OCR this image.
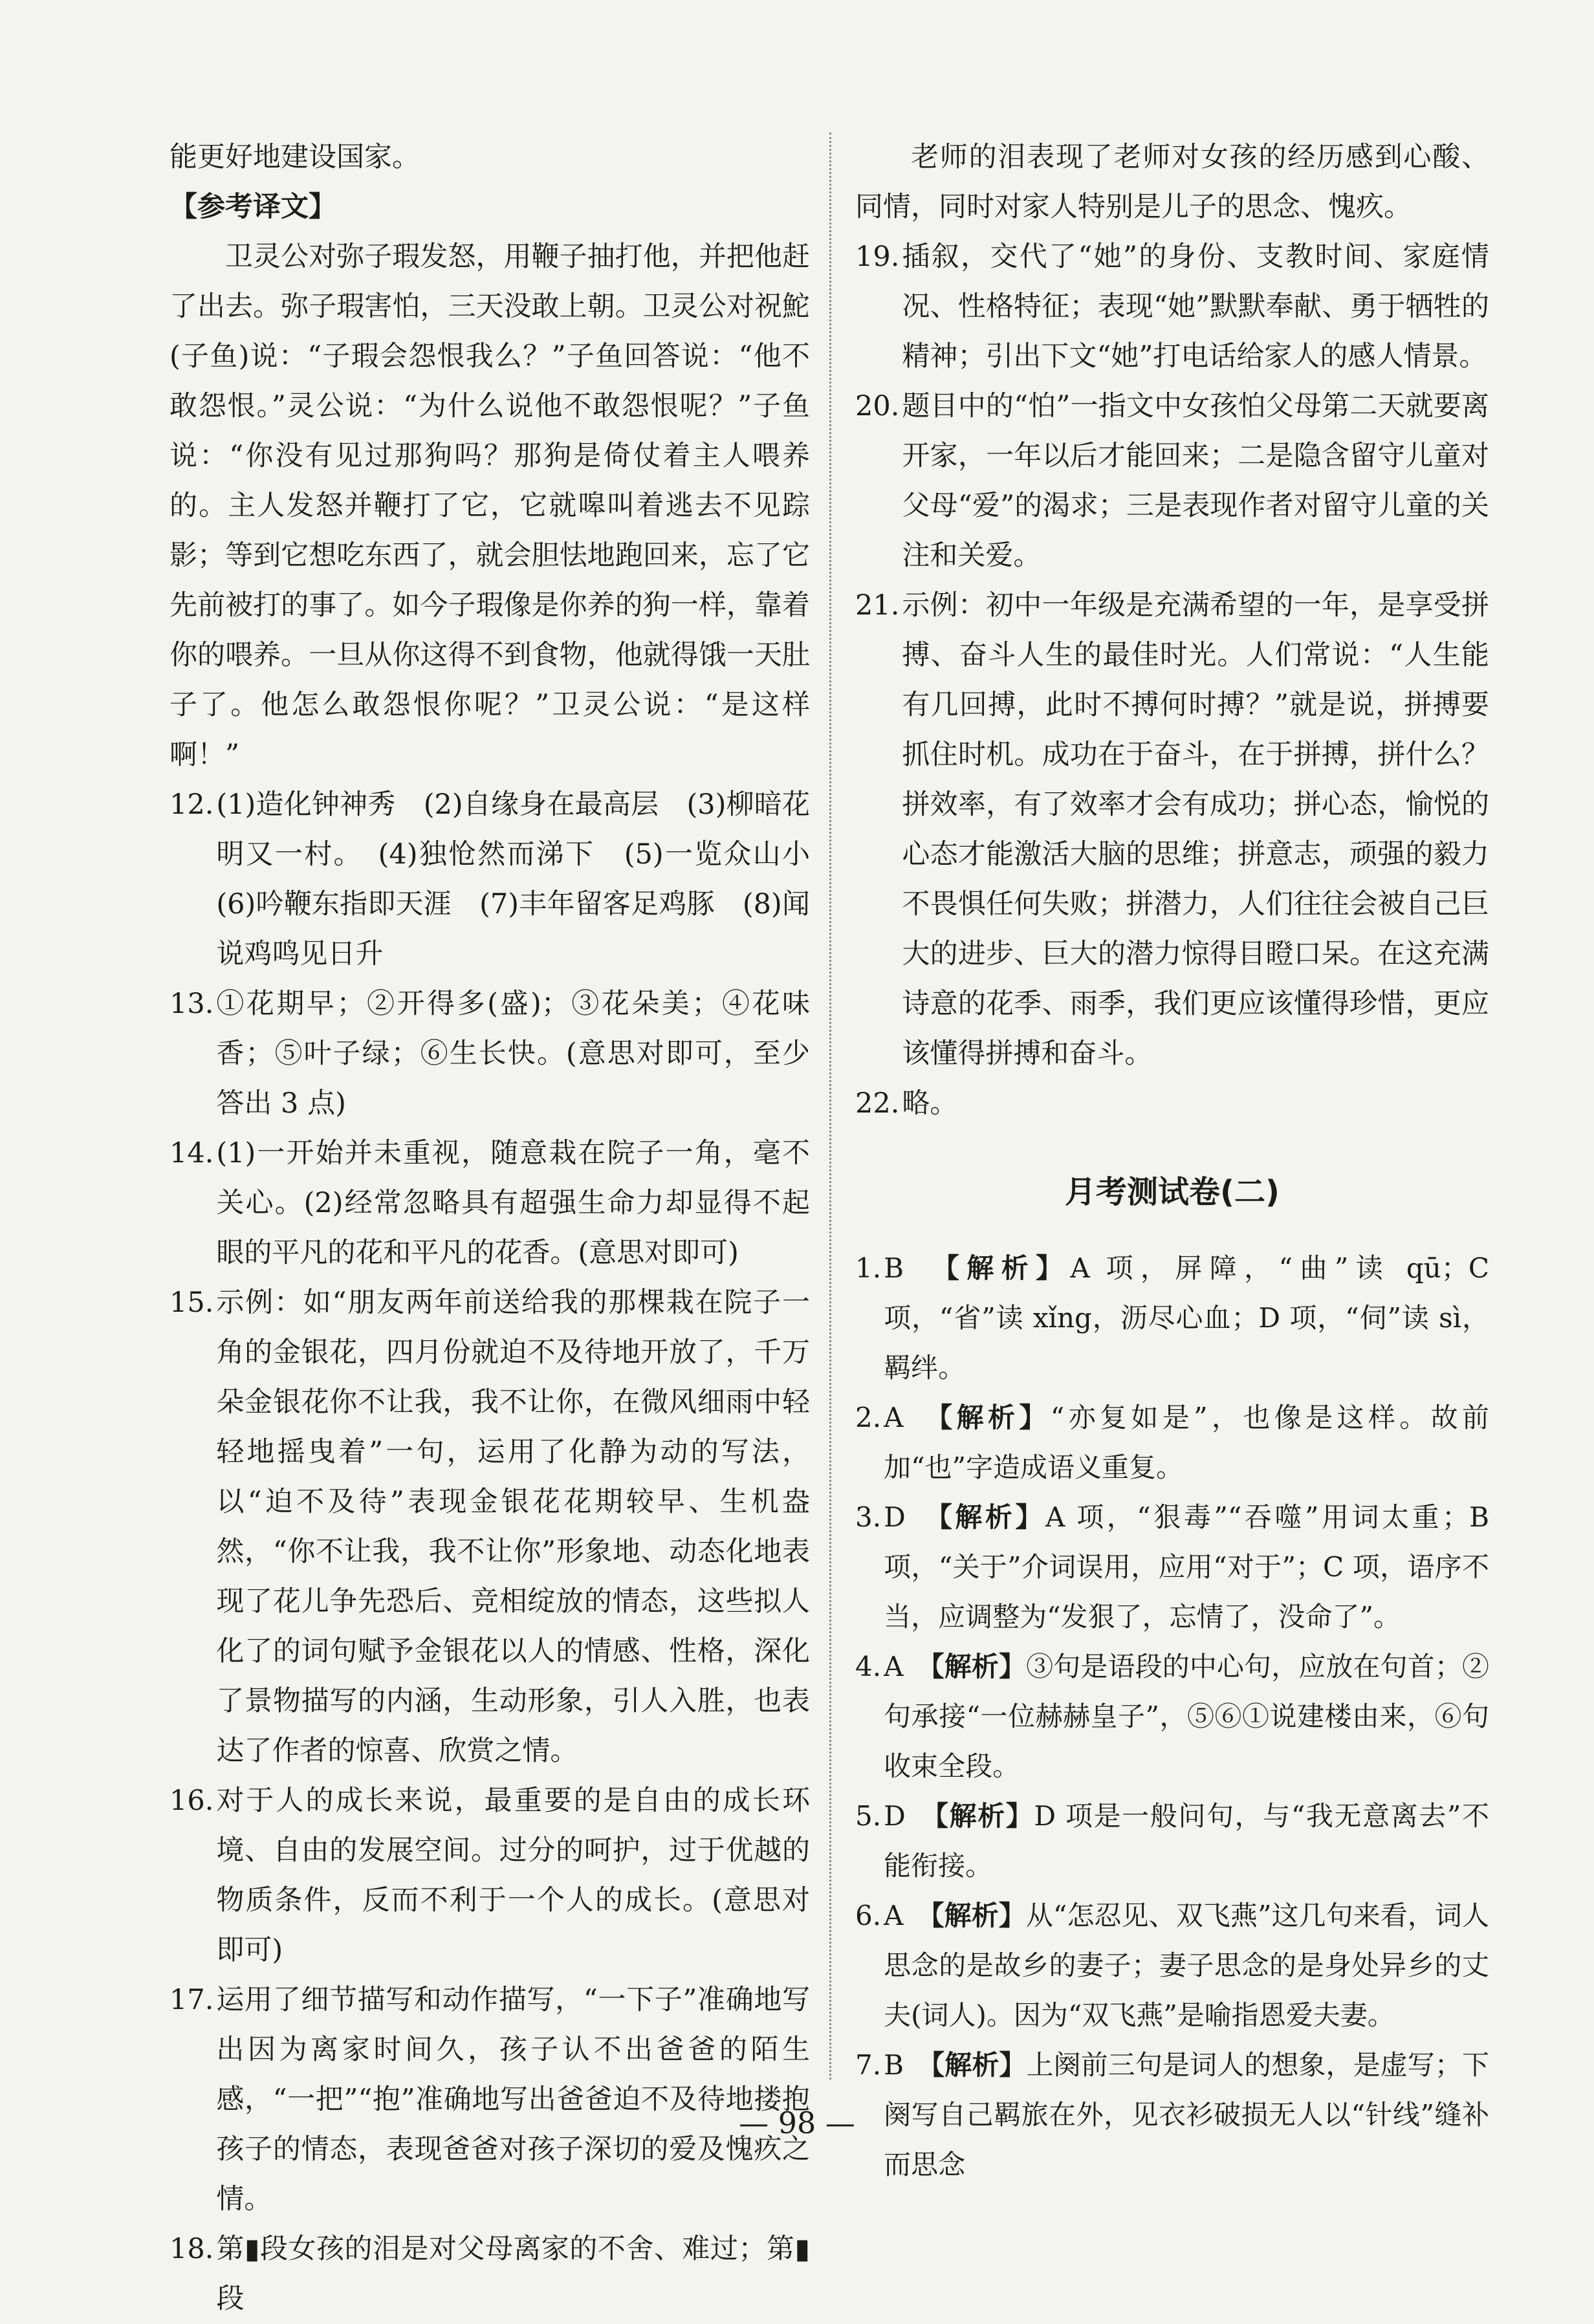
能更好地建设国家。

【参考译文】

卫灵公对弥子瑕发怒，用鞭子抽打他，并把他赶了出去。弥子瑕害怕，三天没敢上朝。卫灵公对祝鮀(子鱼)说：“子瑕会怨恨我么？”子鱼回答说：“他不敢怨恨。”灵公说：“为什么说他不敢怨恨呢？”子鱼说：“你没有见过那狗吗？那狗是倚仗着主人喂养的。主人发怒并鞭打了它，它就嗥叫着逃去不见踪影；等到它想吃东西了，就会胆怯地跑回来，忘了它先前被打的事了。如今子瑕像是你养的狗一样，靠着你的喂养。一旦从你这得不到食物，他就得饿一天肚子了。他怎么敢怨恨你呢？”卫灵公说：“是这样啊！”

12. (1)造化钟神秀　(2)自缘身在最高层　(3)柳暗花明又一村。　(4)独怆然而涕下　(5)一览众山小　(6)吟鞭东指即天涯　(7)丰年留客足鸡豚　(8)闻说鸡鸣见日升
13. ①花期早；②开得多(盛)；③花朵美；④花味香；⑤叶子绿；⑥生长快。(意思对即可，至少答出 3 点)
14. (1)一开始并未重视，随意栽在院子一角，毫不关心。(2)经常忽略具有超强生命力却显得不起眼的平凡的花和平凡的花香。(意思对即可)
15. 示例：如“朋友两年前送给我的那棵栽在院子一角的金银花，四月份就迫不及待地开放了，千万朵金银花你不让我，我不让你，在微风细雨中轻轻地摇曳着”一句，运用了化静为动的写法，以“迫不及待”表现金银花花期较早、生机盎然，“你不让我，我不让你”形象地、动态化地表现了花儿争先恐后、竞相绽放的情态，这些拟人化了的词句赋予金银花以人的情感、性格，深化了景物描写的内涵，生动形象，引人入胜，也表达了作者的惊喜、欣赏之情。
16. 对于人的成长来说，最重要的是自由的成长环境、自由的发展空间。过分的呵护，过于优越的物质条件，反而不利于一个人的成长。(意思对即可)
17. 运用了细节描写和动作描写，“一下子”准确地写出因为离家时间久，孩子认不出爸爸的陌生感，“一把”“抱”准确地写出爸爸迫不及待地搂抱孩子的情态，表现爸爸对孩子深切的爱及愧疚之情。
18. 第▮段女孩的泪是对父母离家的不舍、难过；第▮段

老师的泪表现了老师对女孩的经历感到心酸、同情，同时对家人特别是儿子的思念、愧疚。

19. 插叙，交代了“她”的身份、支教时间、家庭情况、性格特征；表现“她”默默奉献、勇于牺牲的精神；引出下文“她”打电话给家人的感人情景。
20. 题目中的“怕”一指文中女孩怕父母第二天就要离开家，一年以后才能回来；二是隐含留守儿童对父母“爱”的渴求；三是表现作者对留守儿童的关注和关爱。
21. 示例：初中一年级是充满希望的一年，是享受拼搏、奋斗人生的最佳时光。人们常说：“人生能有几回搏，此时不搏何时搏？”就是说，拼搏要抓住时机。成功在于奋斗，在于拼搏，拼什么？拼效率，有了效率才会有成功；拼心态，愉悦的心态才能激活大脑的思维；拼意志，顽强的毅力不畏惧任何失败；拼潜力，人们往往会被自己巨大的进步、巨大的潜力惊得目瞪口呆。在这充满诗意的花季、雨季，我们更应该懂得珍惜，更应该懂得拼搏和奋斗。
22. 略。
月考测试卷(二)
1. B　 【解析】A 项，屏障，“曲”读 qū；C 项，“省”读 xǐng，沥尽心血；D 项，“伺”读 sì，羁绊。
2. A　 【解析】“亦复如是”，也像是这样。故前加“也”字造成语义重复。
3. D　 【解析】A 项，“狠毒”“吞噬”用词太重；B 项，“关于”介词误用，应用“对于”；C 项，语序不当，应调整为“发狠了，忘情了，没命了”。
4. A　 【解析】③句是语段的中心句，应放在句首；②句承接“一位赫赫皇子”，⑤⑥①说建楼由来，⑥句收束全段。
5. D　 【解析】D 项是一般问句，与“我无意离去”不能衔接。
6. A　 【解析】从“怎忍见、双飞燕”这几句来看，词人思念的是故乡的妻子；妻子思念的是身处异乡的丈夫(词人)。因为“双飞燕”是喻指恩爱夫妻。
7. B　 【解析】上阕前三句是词人的想象，是虚写；下阕写自己羁旅在外，见衣衫破损无人以“针线”缝补而思念
— 98 —
